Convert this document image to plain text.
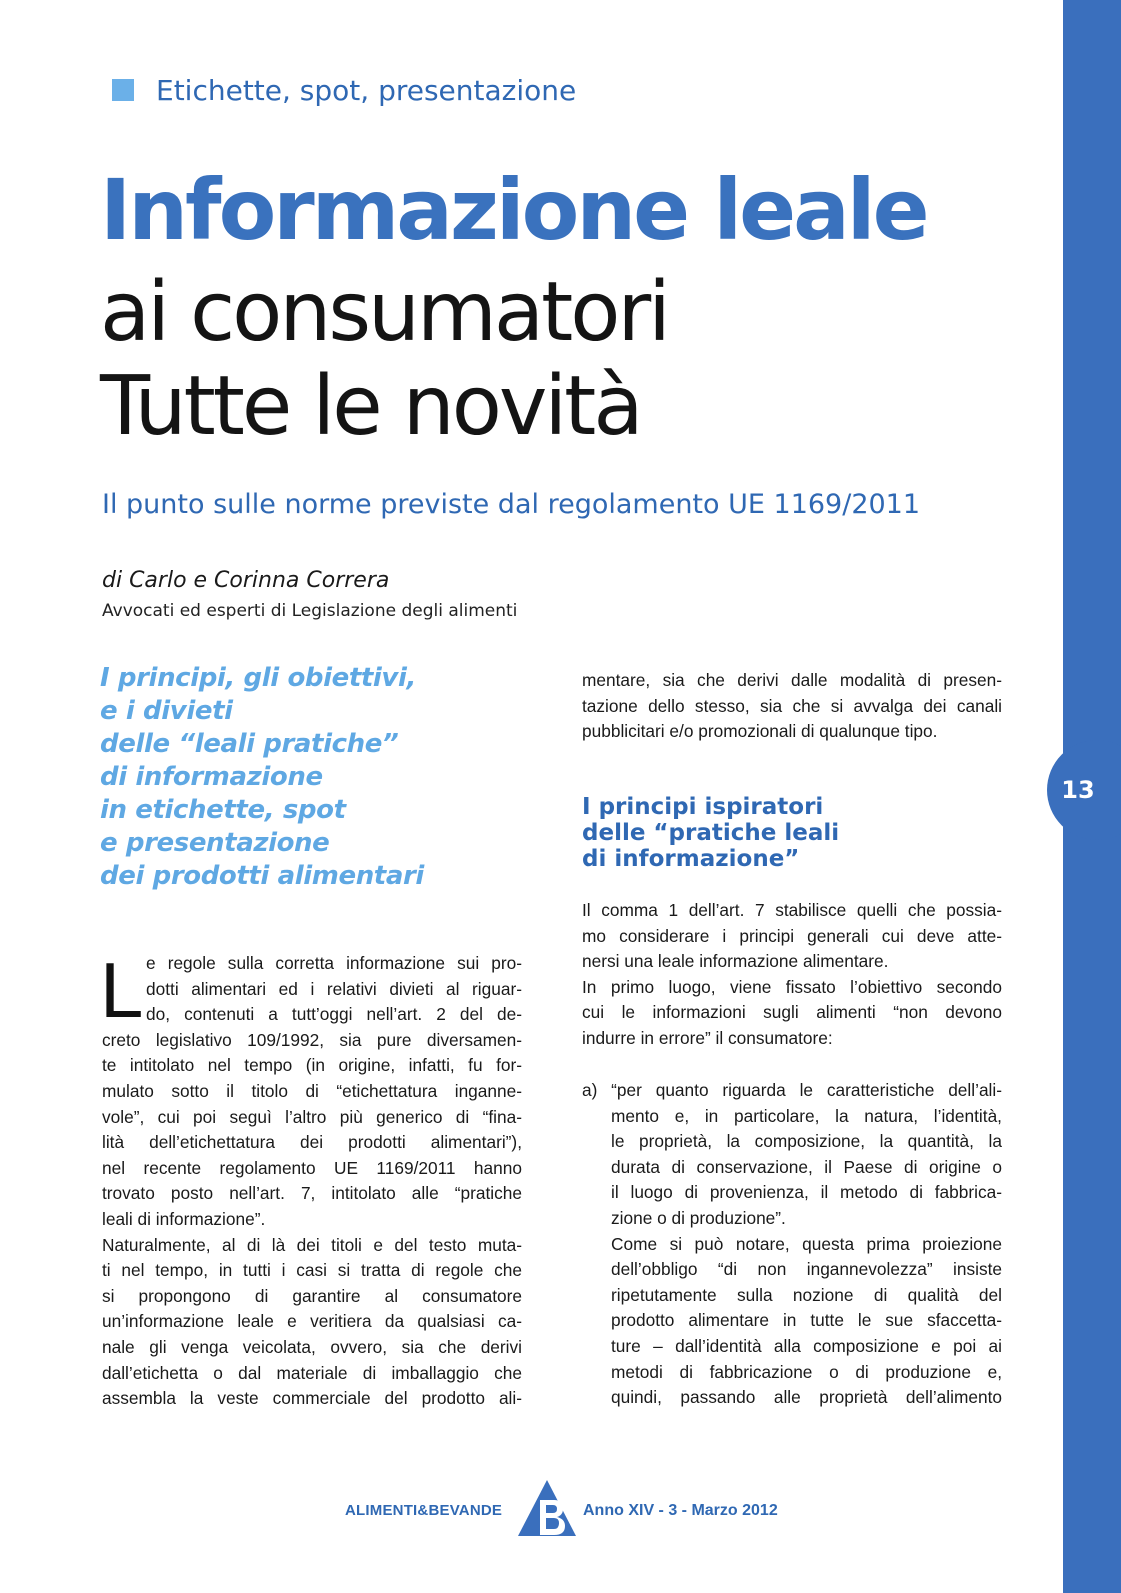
13
Etichette, spot, presentazione
Informazione leale
ai consumatori
Tutte le novità
Il punto sulle norme previste dal regolamento UE 1169/2011
di Carlo e Corinna Correra
Avvocati ed esperti di Legislazione degli alimenti
I principi, gli obiettivi,
e i divieti
delle “leali pratiche”
di informazione
in etichette, spot
e presentazione
dei prodotti alimentari
L e regole sulla corretta informazione sui pro-
dotti alimentari ed i relativi divieti al riguar-
do, contenuti a tutt’oggi nell’art. 2 del de-
creto legislativo 109/1992, sia pure diversamen-
te intitolato nel tempo (in origine, infatti, fu for-
mulato sotto il titolo di “etichettatura inganne-
vole”, cui poi seguì l’altro più generico di “fina-
lità dell’etichettatura dei prodotti alimentari”),
nel recente regolamento UE 1169/2011 hanno
trovato posto nell’art. 7, intitolato alle “pratiche
leali di informazione”.
Naturalmente, al di là dei titoli e del testo muta-
ti nel tempo, in tutti i casi si tratta di regole che
si propongono di garantire al consumatore
un’informazione leale e veritiera da qualsiasi ca-
nale gli venga veicolata, ovvero, sia che derivi
dall’etichetta o dal materiale di imballaggio che
assembla la veste commerciale del prodotto ali-
mentare, sia che derivi dalle modalità di presen-
tazione dello stesso, sia che si avvalga dei canali
pubblicitari e/o promozionali di qualunque tipo.
I principi ispiratori
delle “pratiche leali
di informazione”
Il comma 1 dell’art. 7 stabilisce quelli che possia-
mo considerare i principi generali cui deve atte-
nersi una leale informazione alimentare.
In primo luogo, viene fissato l’obiettivo secondo
cui le informazioni sugli alimenti “non devono
indurre in errore” il consumatore:
a) “per quanto riguarda le caratteristiche dell’ali-
mento e, in particolare, la natura, l’identità,
le proprietà, la composizione, la quantità, la
durata di conservazione, il Paese di origine o
il luogo di provenienza, il metodo di fabbrica-
zione o di produzione”.
Come si può notare, questa prima proiezione
dell’obbligo “di non ingannevolezza” insiste
ripetutamente sulla nozione di qualità del
prodotto alimentare in tutte le sue sfaccetta-
ture – dall’identità alla composizione e poi ai
metodi di fabbricazione o di produzione e,
quindi, passando alle proprietà dell’alimento
ALIMENTI&BEVANDE	Anno XIV - 3 - Marzo 2012
